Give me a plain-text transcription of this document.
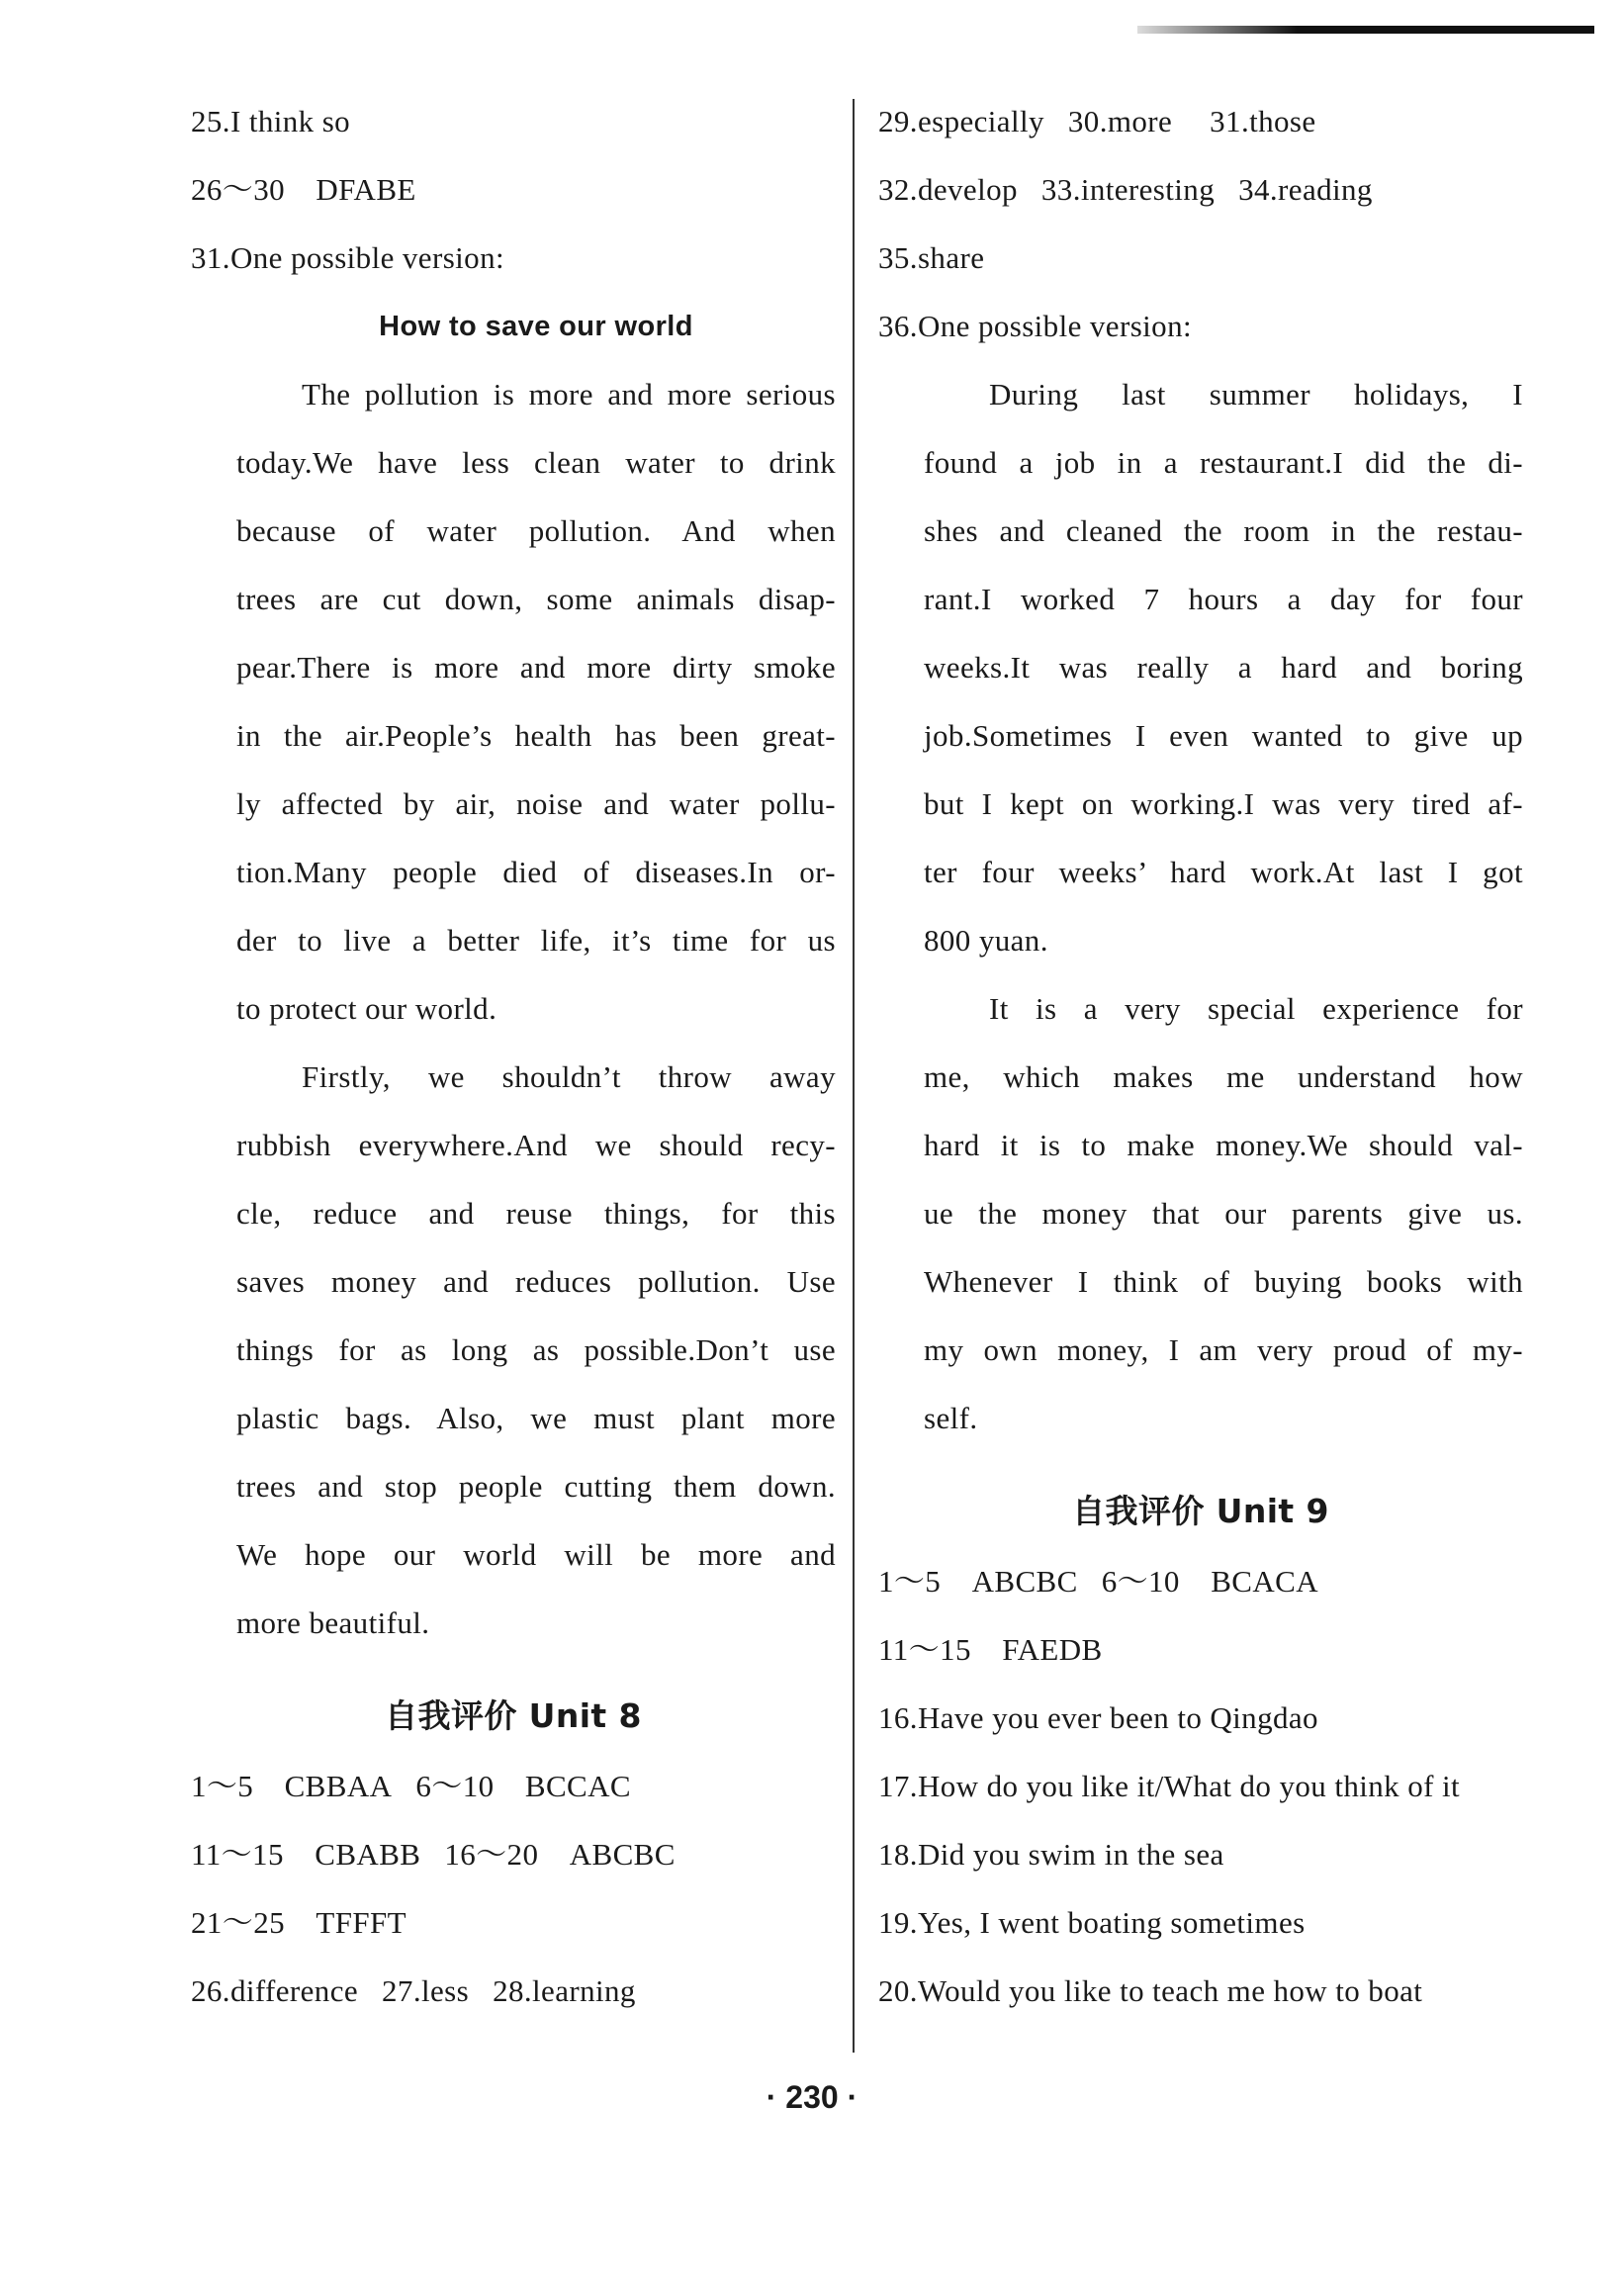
25.I think so
26～30　DFABE
31.One possible version:
How to save our world
The pollution is more and more serious
today.We have less clean water to drink
because of water pollution. And when
trees are cut down, some animals disap-
pear.There is more and more dirty smoke
in the air.People’s health has been great-
ly affected by air, noise and water pollu-
tion.Many people died of diseases.In or-
der to live a better life, it’s time for us
to protect our world.
Firstly, we shouldn’t throw away
rubbish everywhere.And we should recy-
cle, reduce and reuse things, for this
saves money and reduces pollution. Use
things for as long as possible.Don’t use
plastic bags. Also, we must plant more
trees and stop people cutting them down.
We hope our world will be more and
more beautiful.
自我评价 Unit 8
1～5　CBBAA 6～10　BCCAC
11～15　CBABB 16～20　ABCBC
21～25　TFFFT
26.difference 27.less 28.learning
29.especially 30.more 31.those
32.develop 33.interesting 34.reading
35.share
36.One possible version:
During last summer holidays, I
found a job in a restaurant.I did the di-
shes and cleaned the room in the restau-
rant.I worked 7 hours a day for four
weeks.It was really a hard and boring
job.Sometimes I even wanted to give up
but I kept on working.I was very tired af-
ter four weeks’ hard work.At last I got
800 yuan.
It is a very special experience for
me, which makes me understand how
hard it is to make money.We should val-
ue the money that our parents give us.
Whenever I think of buying books with
my own money, I am very proud of my-
self.
自我评价 Unit 9
1～5　ABCBC 6～10　BCACA
11～15　FAEDB
16.Have you ever been to Qingdao
17.How do you like it/What do you think of it
18.Did you swim in the sea
19.Yes, I went boating sometimes
20.Would you like to teach me how to boat
· 230 ·
